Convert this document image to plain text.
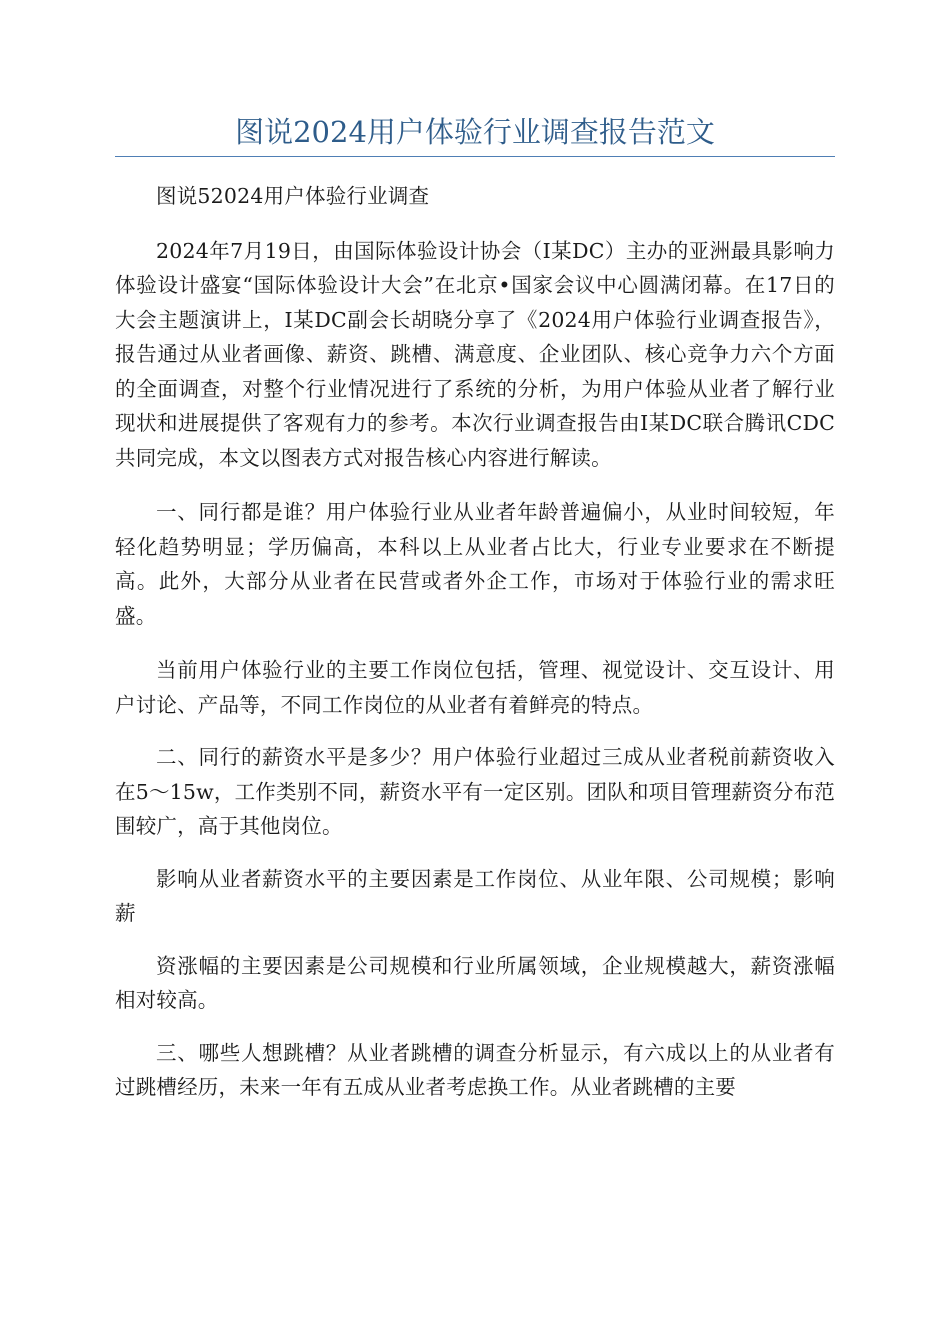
图说2024用户体验行业调查报告范文

图说52024用户体验行业调查

2024年7月19日，由国际体验设计协会（I某DC）主办的亚洲最具影响力体验设计盛宴“国际体验设计大会”在北京•国家会议中心圆满闭幕。在17日的大会主题演讲上，I某DC副会长胡晓分享了《2024用户体验行业调查报告》，报告通过从业者画像、薪资、跳槽、满意度、企业团队、核心竞争力六个方面的全面调查，对整个行业情况进行了系统的分析，为用户体验从业者了解行业现状和进展提供了客观有力的参考。本次行业调查报告由I某DC联合腾讯CDC共同完成，本文以图表方式对报告核心内容进行解读。

一、同行都是谁？用户体验行业从业者年龄普遍偏小，从业时间较短，年轻化趋势明显；学历偏高，本科以上从业者占比大，行业专业要求在不断提高。此外，大部分从业者在民营或者外企工作，市场对于体验行业的需求旺盛。

当前用户体验行业的主要工作岗位包括，管理、视觉设计、交互设计、用户讨论、产品等，不同工作岗位的从业者有着鲜亮的特点。

二、同行的薪资水平是多少？用户体验行业超过三成从业者税前薪资收入在5～15w，工作类别不同，薪资水平有一定区别。团队和项目管理薪资分布范围较广，高于其他岗位。

影响从业者薪资水平的主要因素是工作岗位、从业年限、公司规模；影响薪

资涨幅的主要因素是公司规模和行业所属领域，企业规模越大，薪资涨幅相对较高。

三、哪些人想跳槽？从业者跳槽的调查分析显示，有六成以上的从业者有过跳槽经历，未来一年有五成从业者考虑换工作。从业者跳槽的主要
